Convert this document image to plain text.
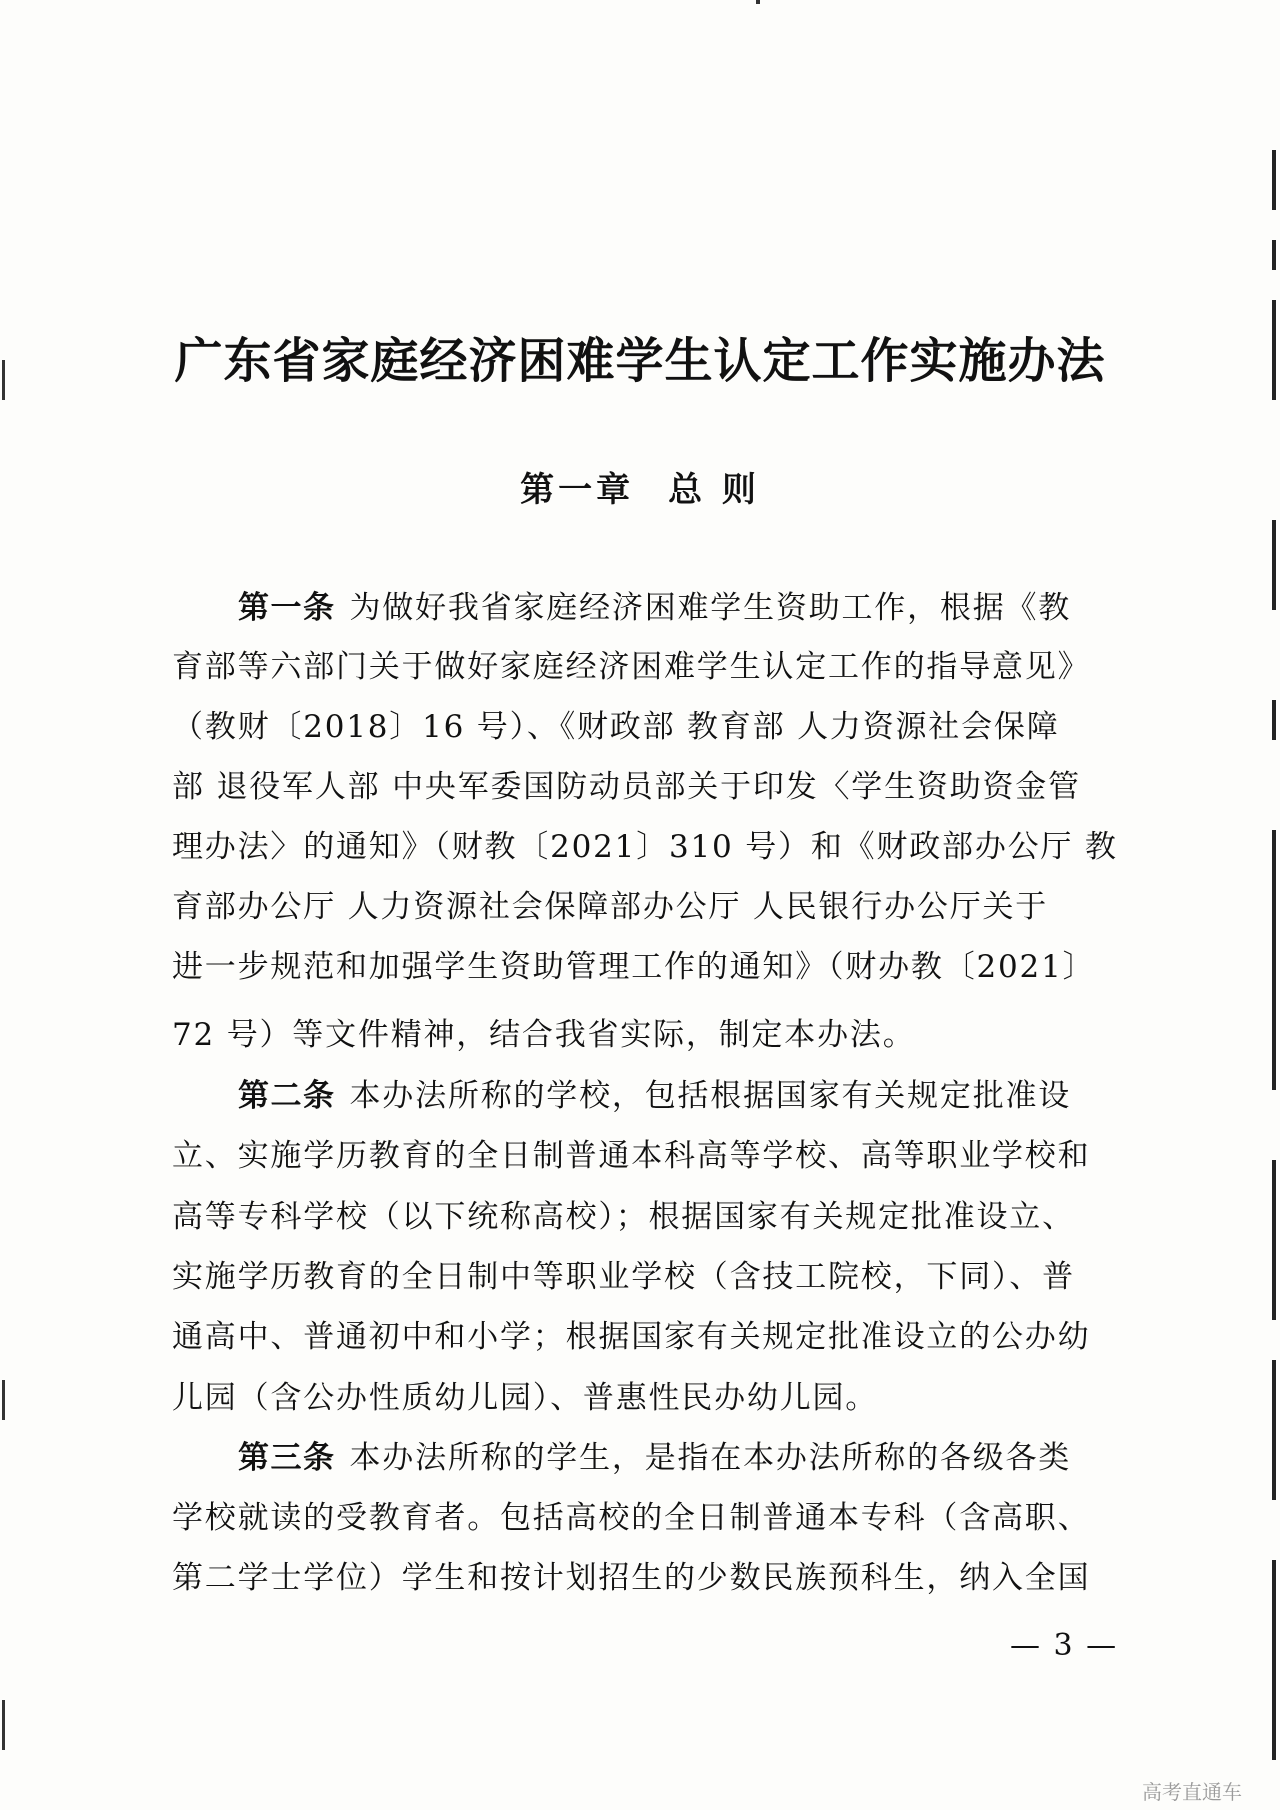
广东省家庭经济困难学生认定工作实施办法
第一章 总 则
第一条 为做好我省家庭经济困难学生资助工作，根据《教
育部等六部门关于做好家庭经济困难学生认定工作的指导意见》
（教财〔2018〕16 号）、《财政部 教育部 人力资源社会保障
部 退役军人部 中央军委国防动员部关于印发〈学生资助资金管
理办法〉的通知》（财教〔2021〕310 号）和《财政部办公厅 教
育部办公厅 人力资源社会保障部办公厅 人民银行办公厅关于
进一步规范和加强学生资助管理工作的通知》（财办教〔2021〕
72 号）等文件精神，结合我省实际，制定本办法。
第二条 本办法所称的学校，包括根据国家有关规定批准设
立、实施学历教育的全日制普通本科高等学校、高等职业学校和
高等专科学校（以下统称高校）；根据国家有关规定批准设立、
实施学历教育的全日制中等职业学校（含技工院校，下同）、普
通高中、普通初中和小学；根据国家有关规定批准设立的公办幼
儿园（含公办性质幼儿园）、普惠性民办幼儿园。
第三条 本办法所称的学生，是指在本办法所称的各级各类
学校就读的受教育者。包括高校的全日制普通本专科（含高职、
第二学士学位）学生和按计划招生的少数民族预科生，纳入全国
— 3 —
高考直通车
